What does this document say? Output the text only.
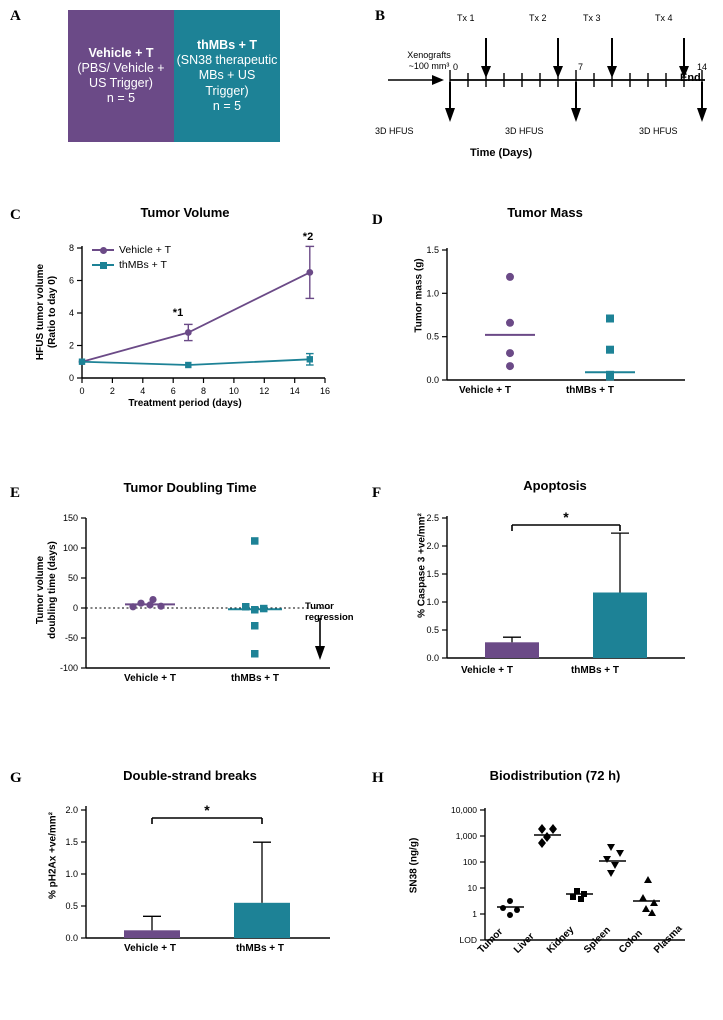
A
Vehicle + T
(PBS/ Vehicle + US Trigger)
n = 5
thMBs + T
(SN38 therapeutic MBs + US Trigger)
n = 5
B
Xenografts
~100 mm³
Tx 1	Tx 2	Tx 3	Tx 4
0	7	14
End
3D HFUS	3D HFUS	3D HFUS
Time (Days)
C	Tumor Volume
0	2	4	6	8	10 12 14 16
0
2
4
6
8
*1
*2
HFUS tumor volume
(Ratio to day 0)
Treatment period (days)
Vehicle + T
thMBs + T
D	Tumor Mass
0.0
0.5
1.0
1.5
Tumor mass (g)
Vehicle + T	thMBs + T
E	Tumor Doubling Time
150
100
50
0
-50
-100
Tumor volume
doubling time (days)
Vehicle + T	thMBs + T
Tumor
regression
F	Apoptosis
0.0
0.5
1.0
1.5
2.0
2.5	*
% Caspase 3 +ve/mm²
Vehicle + T	thMBs + T
G	Double-strand breaks
0.0
0.5
1.0
1.5
2.0	*
% pH2Ax +ve/mm²
Vehicle + T	thMBs + T
H	Biodistribution (72 h)
10,000
1,000
100
10
1
LOD
SN38 (ng/g)
Tumor Liver Kidney Spleen Colon Plasma
